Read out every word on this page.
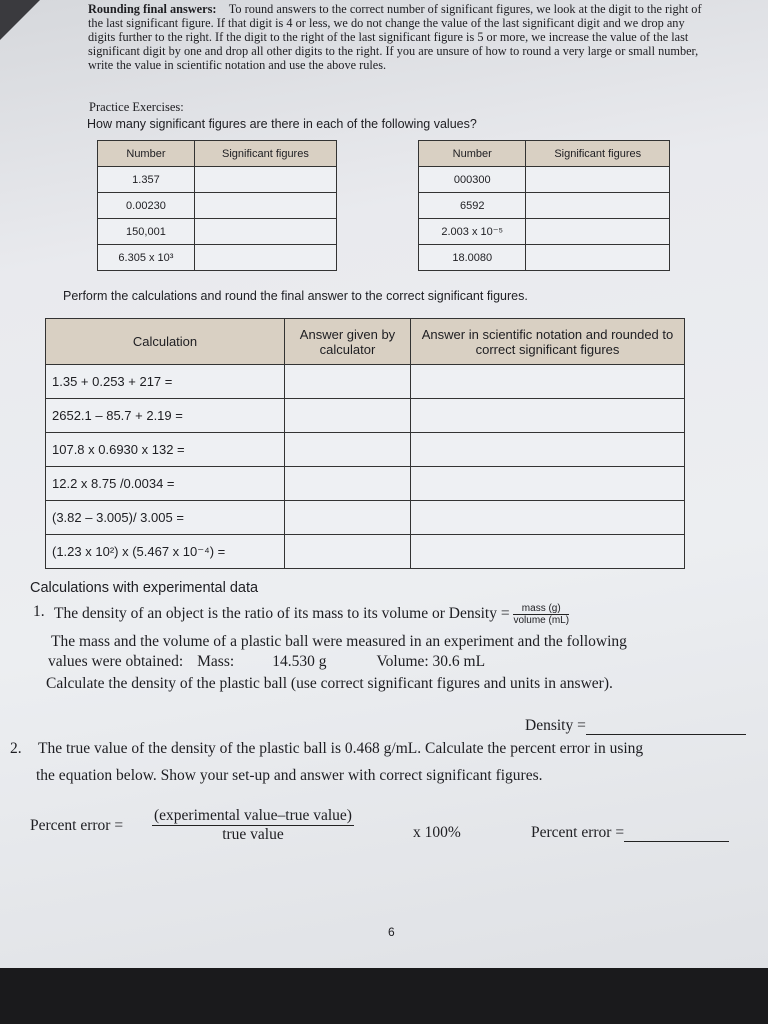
Rounding final answers: To round answers to the correct number of significant figures, we look at the digit to the right of the last significant figure. If that digit is 4 or less, we do not change the value of the last significant digit and we drop any digits further to the right. If the digit to the right of the last significant figure is 5 or more, we increase the value of the last significant digit by one and drop all other digits to the right. If you are unsure of how to round a very large or small number, write the value in scientific notation and use the above rules.
Practice Exercises:
How many significant figures are there in each of the following values?
Number	Significant figures
1.357	
0.00230	
150,001	
6.305 x 10³	
Number	Significant figures
000300	
6592	
2.003 x 10⁻⁵	
18.0080	
Perform the calculations and round the final answer to the correct significant figures.
Calculation	Answer given by calculator	Answer in scientific notation and rounded to correct significant figures
1.35 + 0.253 + 217 =		
2652.1 – 85.7 + 2.19 =		
107.8 x 0.6930 x 132 =		
12.2 x 8.75 /0.0034 =		
(3.82 – 3.005)/ 3.005 =		
(1.23 x 10²) x (5.467 x 10⁻⁴) =		
Calculations with experimental data
1. The density of an object is the ratio of its mass to its volume or Density = $\frac{\text{mass (g)}}{\text{volume (mL)}}$
The mass and the volume of a plastic ball were measured in an experiment and the following
values were obtained: Mass: 14.530 g	Volume: 30.6 mL
Calculate the density of the plastic ball (use correct significant figures and units in answer).
Density =
2. The true value of the density of the plastic ball is 0.468 g/mL. Calculate the percent error in using
the equation below. Show your set-up and answer with correct significant figures.
Percent error =
(experimental value–true value)
true value	x 100%	Percent error =
6
